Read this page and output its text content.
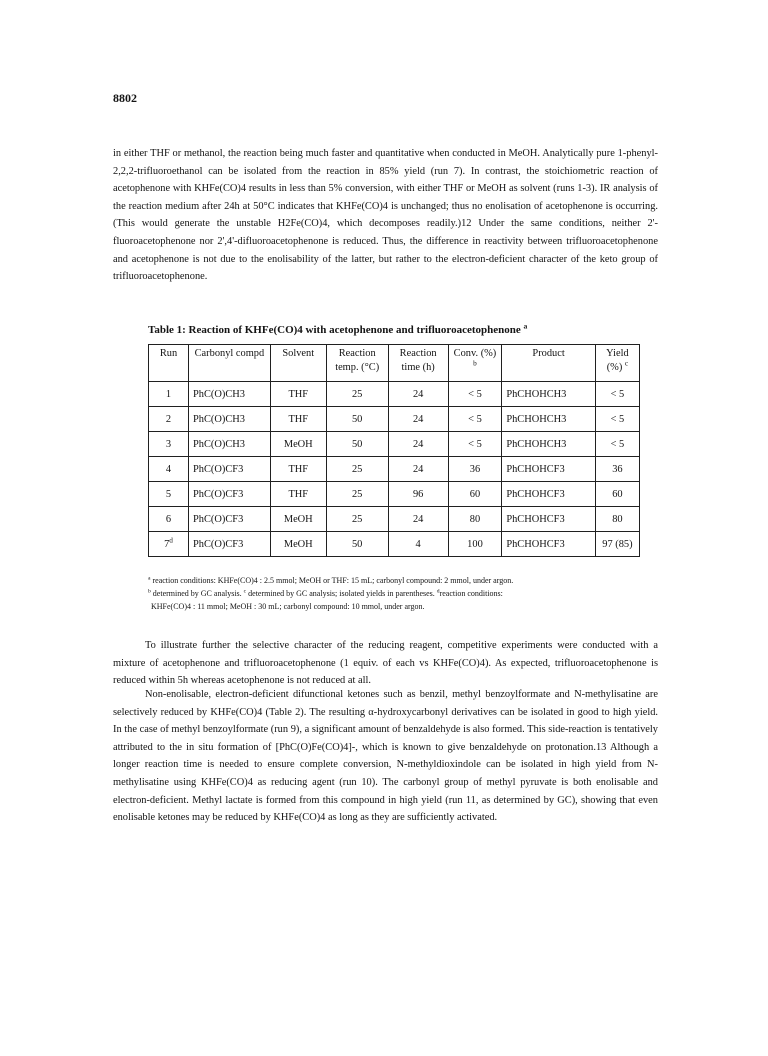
8802

in either THF or methanol, the reaction being much faster and quantitative when conducted in MeOH. Analytically pure 1-phenyl-2,2,2-trifluoroethanol can be isolated from the reaction in 85% yield (run 7). In contrast, the stoichiometric reaction of acetophenone with KHFe(CO)4 results in less than 5% conversion, with either THF or MeOH as solvent (runs 1-3). IR analysis of the reaction medium after 24h at 50°C indicates that KHFe(CO)4 is unchanged; thus no enolisation of acetophenone is occurring. (This would generate the unstable H2Fe(CO)4, which decomposes readily.)12 Under the same conditions, neither 2'-fluoroacetophenone nor 2',4'-difluoroacetophenone is reduced. Thus, the difference in reactivity between trifluoroacetophenone and acetophenone is not due to the enolisability of the latter, but rather to the electron-deficient character of the keto group of trifluoroacetophenone.

Table 1: Reaction of KHFe(CO)4 with acetophenone and trifluoroacetophenone $^a$
Run	Carbonyl compd	Solvent	Reaction temp. (°C)	Reaction time (h)	Conv. (%) $^b$	Product	Yield (%) $^c$
1	PhC(O)CH3	THF	25	24	< 5	PhCHOHCH3	< 5
2	PhC(O)CH3	THF	50	24	< 5	PhCHOHCH3	< 5
3	PhC(O)CH3	MeOH	50	24	< 5	PhCHOHCH3	< 5
4	PhC(O)CF3	THF	25	24	36	PhCHOHCF3	36
5	PhC(O)CF3	THF	25	96	60	PhCHOHCF3	60
6	PhC(O)CF3	MeOH	25	24	80	PhCHOHCF3	80
7$^d$	PhC(O)CF3	MeOH	50	4	100	PhCHOHCF3	97 (85)

$^a$ reaction conditions: KHFe(CO)4 : 2.5 mmol; MeOH or THF: 15 mL; carbonyl compound: 2 mmol, under argon.

$^b$ determined by GC analysis. $^c$ determined by GC analysis; isolated yields in parentheses. $^d$reaction conditions:

KHFe(CO)4 : 11 mmol; MeOH : 30 mL; carbonyl compound: 10 mmol, under argon.

To illustrate further the selective character of the reducing reagent, competitive experiments were conducted with a mixture of acetophenone and trifluoroacetophenone (1 equiv. of each vs KHFe(CO)4). As expected, trifluoroacetophenone is reduced within 5h whereas acetophenone is not reduced at all.

Non-enolisable, electron-deficient difunctional ketones such as benzil, methyl benzoylformate and N-methylisatine are selectively reduced by KHFe(CO)4 (Table 2). The resulting α-hydroxycarbonyl derivatives can be isolated in good to high yield. In the case of methyl benzoylformate (run 9), a significant amount of benzaldehyde is also formed. This side-reaction is tentatively attributed to the in situ formation of [PhC(O)Fe(CO)4]-, which is known to give benzaldehyde on protonation.13 Although a longer reaction time is needed to ensure complete conversion, N-methyldioxindole can be isolated in high yield from N-methylisatine using KHFe(CO)4 as reducing agent (run 10). The carbonyl group of methyl pyruvate is both enolisable and electron-deficient. Methyl lactate is formed from this compound in high yield (run 11, as determined by GC), showing that even enolisable ketones may be reduced by KHFe(CO)4 as long as they are sufficiently activated.
